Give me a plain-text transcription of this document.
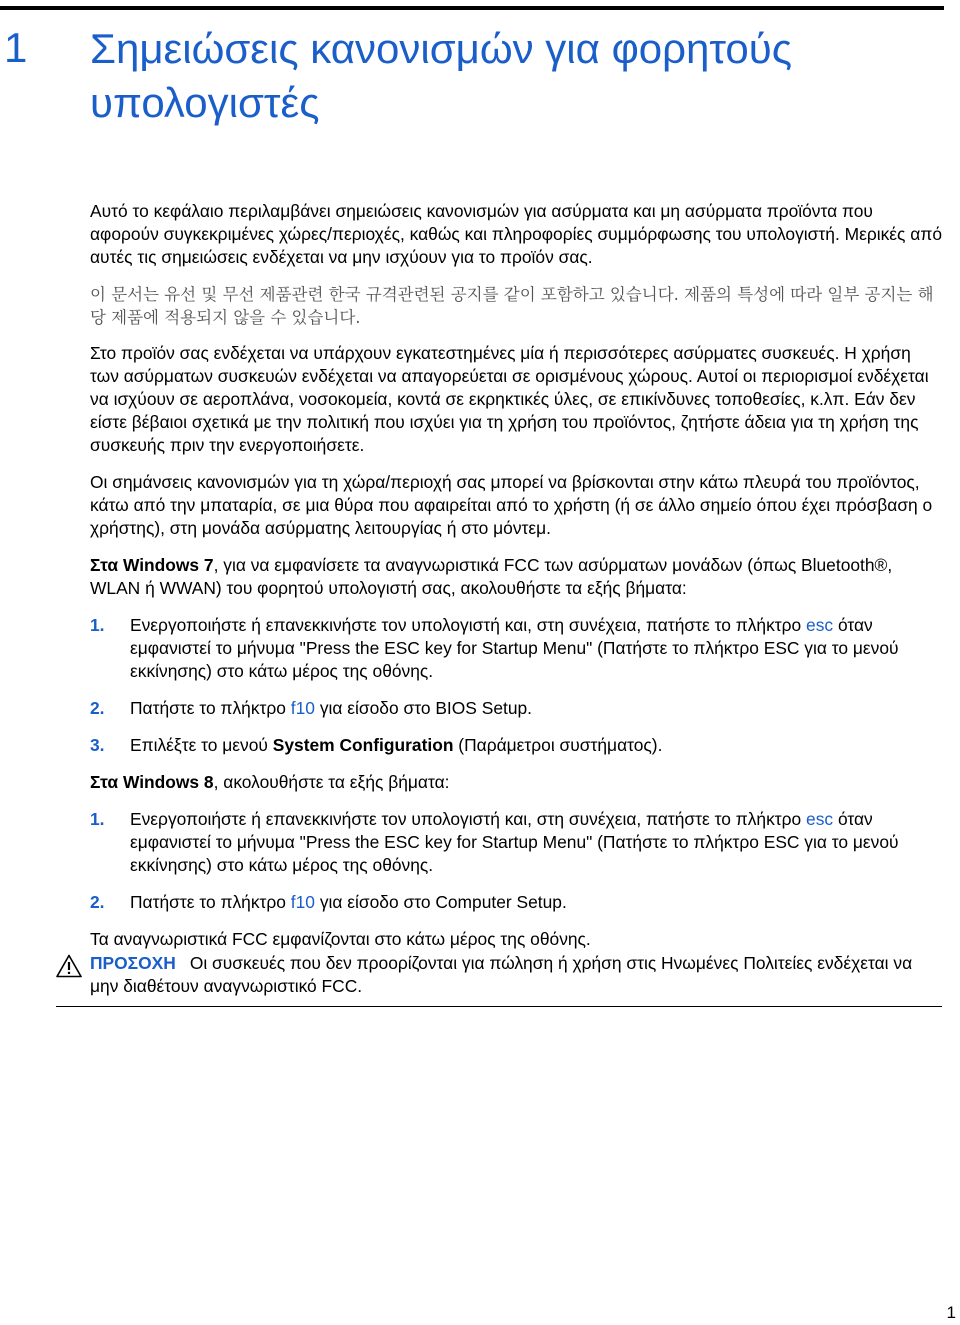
1 Σημειώσεις κανονισμών για φορητούς υπολογιστές

Αυτό το κεφάλαιο περιλαμβάνει σημειώσεις κανονισμών για ασύρματα και μη ασύρματα προϊόντα που αφορούν συγκεκριμένες χώρες/περιοχές, καθώς και πληροφορίες συμμόρφωσης του υπολογιστή. Μερικές από αυτές τις σημειώσεις ενδέχεται να μην ισχύουν για το προϊόν σας.

이 문서는 유선 및 무선 제품관련 한국 규격관련된 공지를 같이 포함하고 있습니다. 제품의 특성에 따라 일부 공지는 해당 제품에 적용되지 않을 수 있습니다.

Στο προϊόν σας ενδέχεται να υπάρχουν εγκατεστημένες μία ή περισσότερες ασύρματες συσκευές. Η χρήση των ασύρματων συσκευών ενδέχεται να απαγορεύεται σε ορισμένους χώρους. Αυτοί οι περιορισμοί ενδέχεται να ισχύουν σε αεροπλάνα, νοσοκομεία, κοντά σε εκρηκτικές ύλες, σε επικίνδυνες τοποθεσίες, κ.λπ. Εάν δεν είστε βέβαιοι σχετικά με την πολιτική που ισχύει για τη χρήση του προϊόντος, ζητήστε άδεια για τη χρήση της συσκευής πριν την ενεργοποιήσετε.

Οι σημάνσεις κανονισμών για τη χώρα/περιοχή σας μπορεί να βρίσκονται στην κάτω πλευρά του προϊόντος, κάτω από την μπαταρία, σε μια θύρα που αφαιρείται από το χρήστη (ή σε άλλο σημείο όπου έχει πρόσβαση ο χρήστης), στη μονάδα ασύρματης λειτουργίας ή στο μόντεμ.

Στα Windows 7, για να εμφανίσετε τα αναγνωριστικά FCC των ασύρματων μονάδων (όπως Bluetooth®, WLAN ή WWAN) του φορητού υπολογιστή σας, ακολουθήστε τα εξής βήματα:

1. Ενεργοποιήστε ή επανεκκινήστε τον υπολογιστή και, στη συνέχεια, πατήστε το πλήκτρο esc όταν εμφανιστεί το μήνυμα "Press the ESC key for Startup Menu" (Πατήστε το πλήκτρο ESC για το μενού εκκίνησης) στο κάτω μέρος της οθόνης.
2. Πατήστε το πλήκτρο f10 για είσοδο στο BIOS Setup.
3. Επιλέξτε το μενού System Configuration (Παράμετροι συστήματος).

Στα Windows 8, ακολουθήστε τα εξής βήματα:

1. Ενεργοποιήστε ή επανεκκινήστε τον υπολογιστή και, στη συνέχεια, πατήστε το πλήκτρο esc όταν εμφανιστεί το μήνυμα "Press the ESC key for Startup Menu" (Πατήστε το πλήκτρο ESC για το μενού εκκίνησης) στο κάτω μέρος της οθόνης.
2. Πατήστε το πλήκτρο f10 για είσοδο στο Computer Setup.

Τα αναγνωριστικά FCC εμφανίζονται στο κάτω μέρος της οθόνης.

ΠΡΟΣΟΧΗ Οι συσκευές που δεν προορίζονται για πώληση ή χρήση στις Ηνωμένες Πολιτείες ενδέχεται να μην διαθέτουν αναγνωριστικό FCC.
1
